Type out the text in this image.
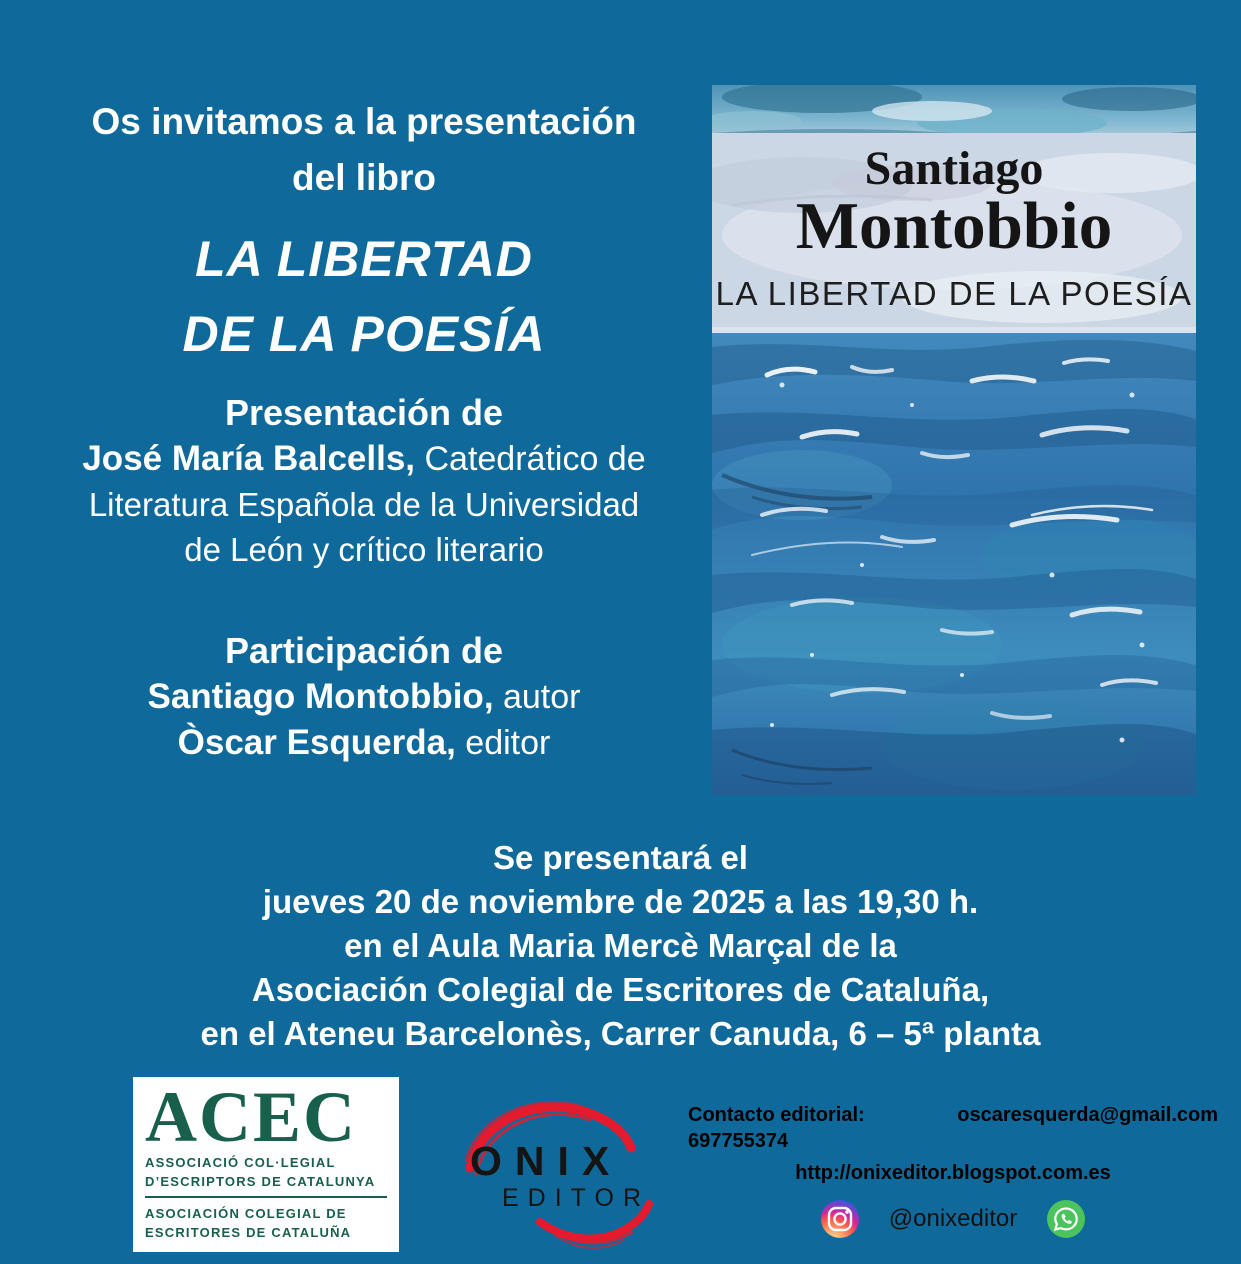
Os invitamos a la presentación
del libro
LA LIBERTAD
DE LA POESÍA
Presentación de
José María Balcells, Catedrático de
Literatura Española de la Universidad
de León y crítico literario
Participación de
Santiago Montobbio, autor
Òscar Esquerda, editor
Santiago
Montobbio
LA LIBERTAD DE LA POESÍA
Se presentará el
jueves 20 de noviembre de 2025 a las 19,30 h.
en el Aula Maria Mercè Marçal de la
Asociación Colegial de Escritores de Cataluña,
en el Ateneu Barcelonès, Carrer Canuda, 6 – 5ª planta
ACEC
ASSOCIACIÓ COL·LEGIAL
D’ESCRIPTORS DE CATALUNYA
ASOCIACIÓN COLEGIAL DE
ESCRITORES DE CATALUÑA
ONIX
EDITOR
Contacto editorial: 697755374
oscaresquerda@gmail.com
http://onixeditor.blogspot.com.es
@onixeditor
